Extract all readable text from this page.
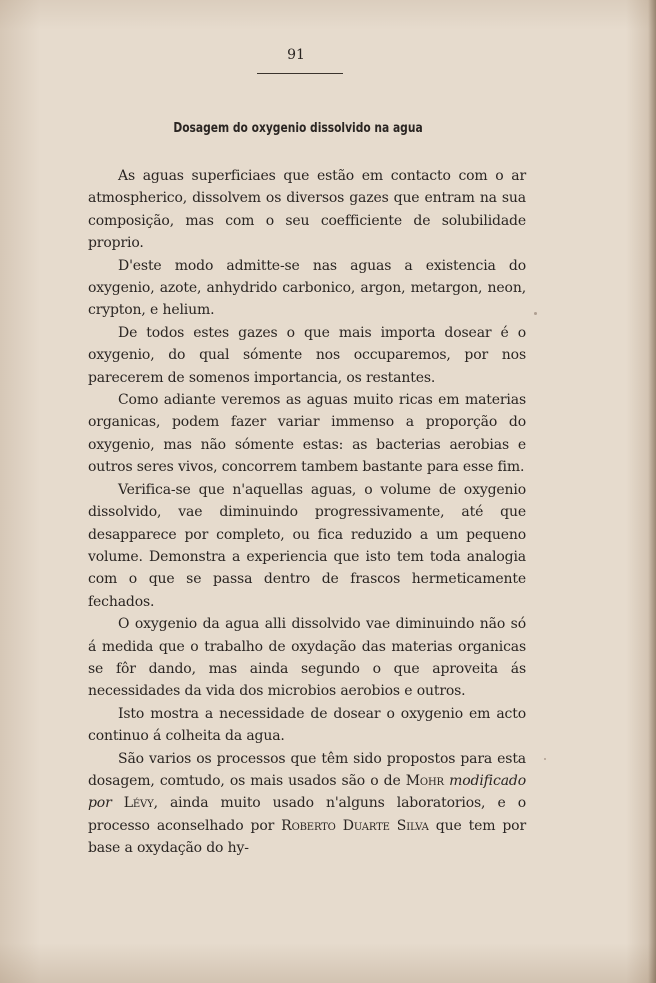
91
Dosagem do oxygenio dissolvido na agua

As aguas superficiaes que estão em contacto com o ar atmospherico, dissolvem os diversos gazes que entram na sua composição, mas com o seu coefficiente de solubilidade proprio.

D'este modo admitte-se nas aguas a existencia do oxygenio, azote, anhydrido carbonico, argon, metargon, neon, crypton, e helium.

De todos estes gazes o que mais importa dosear é o oxygenio, do qual sómente nos occuparemos, por nos parecerem de somenos importancia, os restantes.

Como adiante veremos as aguas muito ricas em materias organicas, podem fazer variar immenso a proporção do oxygenio, mas não sómente estas: as bacterias aerobias e outros seres vivos, concorrem tambem bastante para esse fim.

Verifica-se que n'aquellas aguas, o volume de oxygenio dissolvido, vae diminuindo progressivamente, até que desapparece por completo, ou fica reduzido a um pequeno volume. Demonstra a experiencia que isto tem toda analogia com o que se passa dentro de frascos hermeticamente fechados.

O oxygenio da agua alli dissolvido vae diminuindo não só á medida que o trabalho de oxydação das materias organicas se fôr dando, mas ainda segundo o que aproveita ás necessidades da vida dos microbios aerobios e outros.

Isto mostra a necessidade de dosear o oxygenio em acto continuo á colheita da agua.

São varios os processos que têm sido propostos para esta dosagem, comtudo, os mais usados são o de Mohr modificado por Lévy, ainda muito usado n'alguns laboratorios, e o processo aconselhado por Roberto Duarte Silva que tem por base a oxydação do hy-
